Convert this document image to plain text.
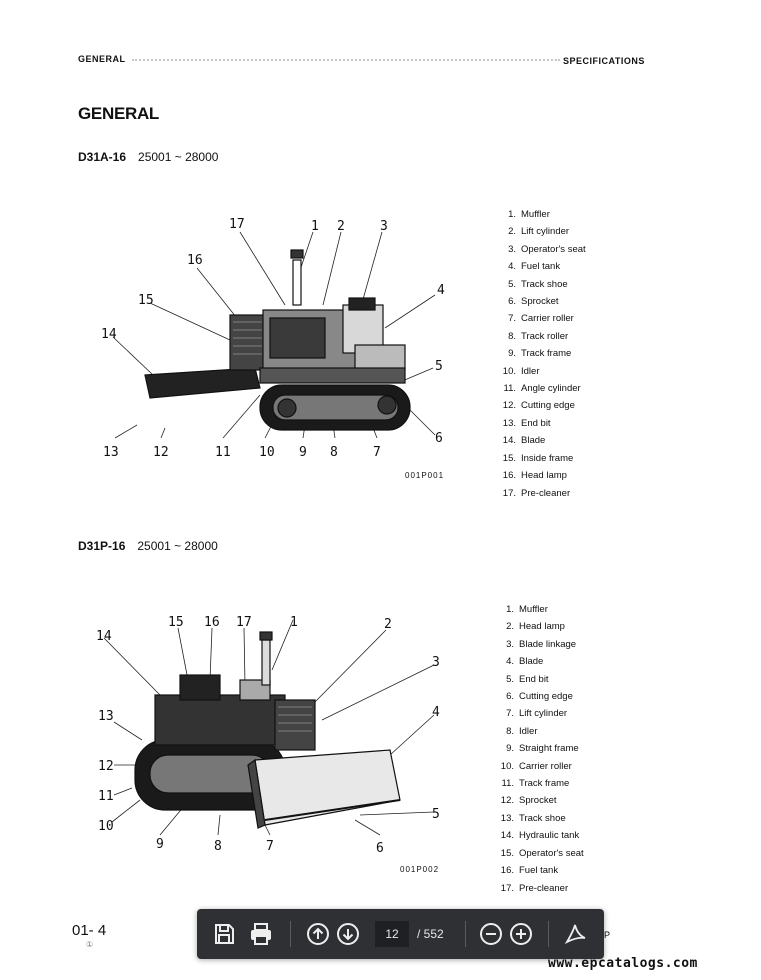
GENERAL	SPECIFICATIONS
GENERAL
D31A-16 25001 ~ 28000
17	1 2	3
16
4
15
14
5
6
13	12	11 10 9 8	7
001P001
1. Muffler
2. Lift cylinder
3. Operator's seat
4. Fuel tank
5. Track shoe
6. Sprocket
7. Carrier roller
8. Track roller
9. Track frame
10. Idler
11. Angle cylinder
12. Cutting edge
13. End bit
14. Blade
15. Inside frame
16. Head lamp
17. Pre-cleaner
D31P-16 25001 ~ 28000
15 16 17	1	2
14
3
13	4
12
11
5
10
9	8	7	6
001P002
1. Muffler
2. Head lamp
3. Blade linkage
4. Blade
5. End bit
6. Cutting edge
7. Lift cylinder
8. Idler
9. Straight frame
10. Carrier roller
11. Track frame
12. Sprocket
13. Track shoe
14. Hydraulic tank
15. Operator's seat
16. Fuel tank
17. Pre-cleaner
01- 4
①
P
12	/ 552
www.epcatalogs.com
